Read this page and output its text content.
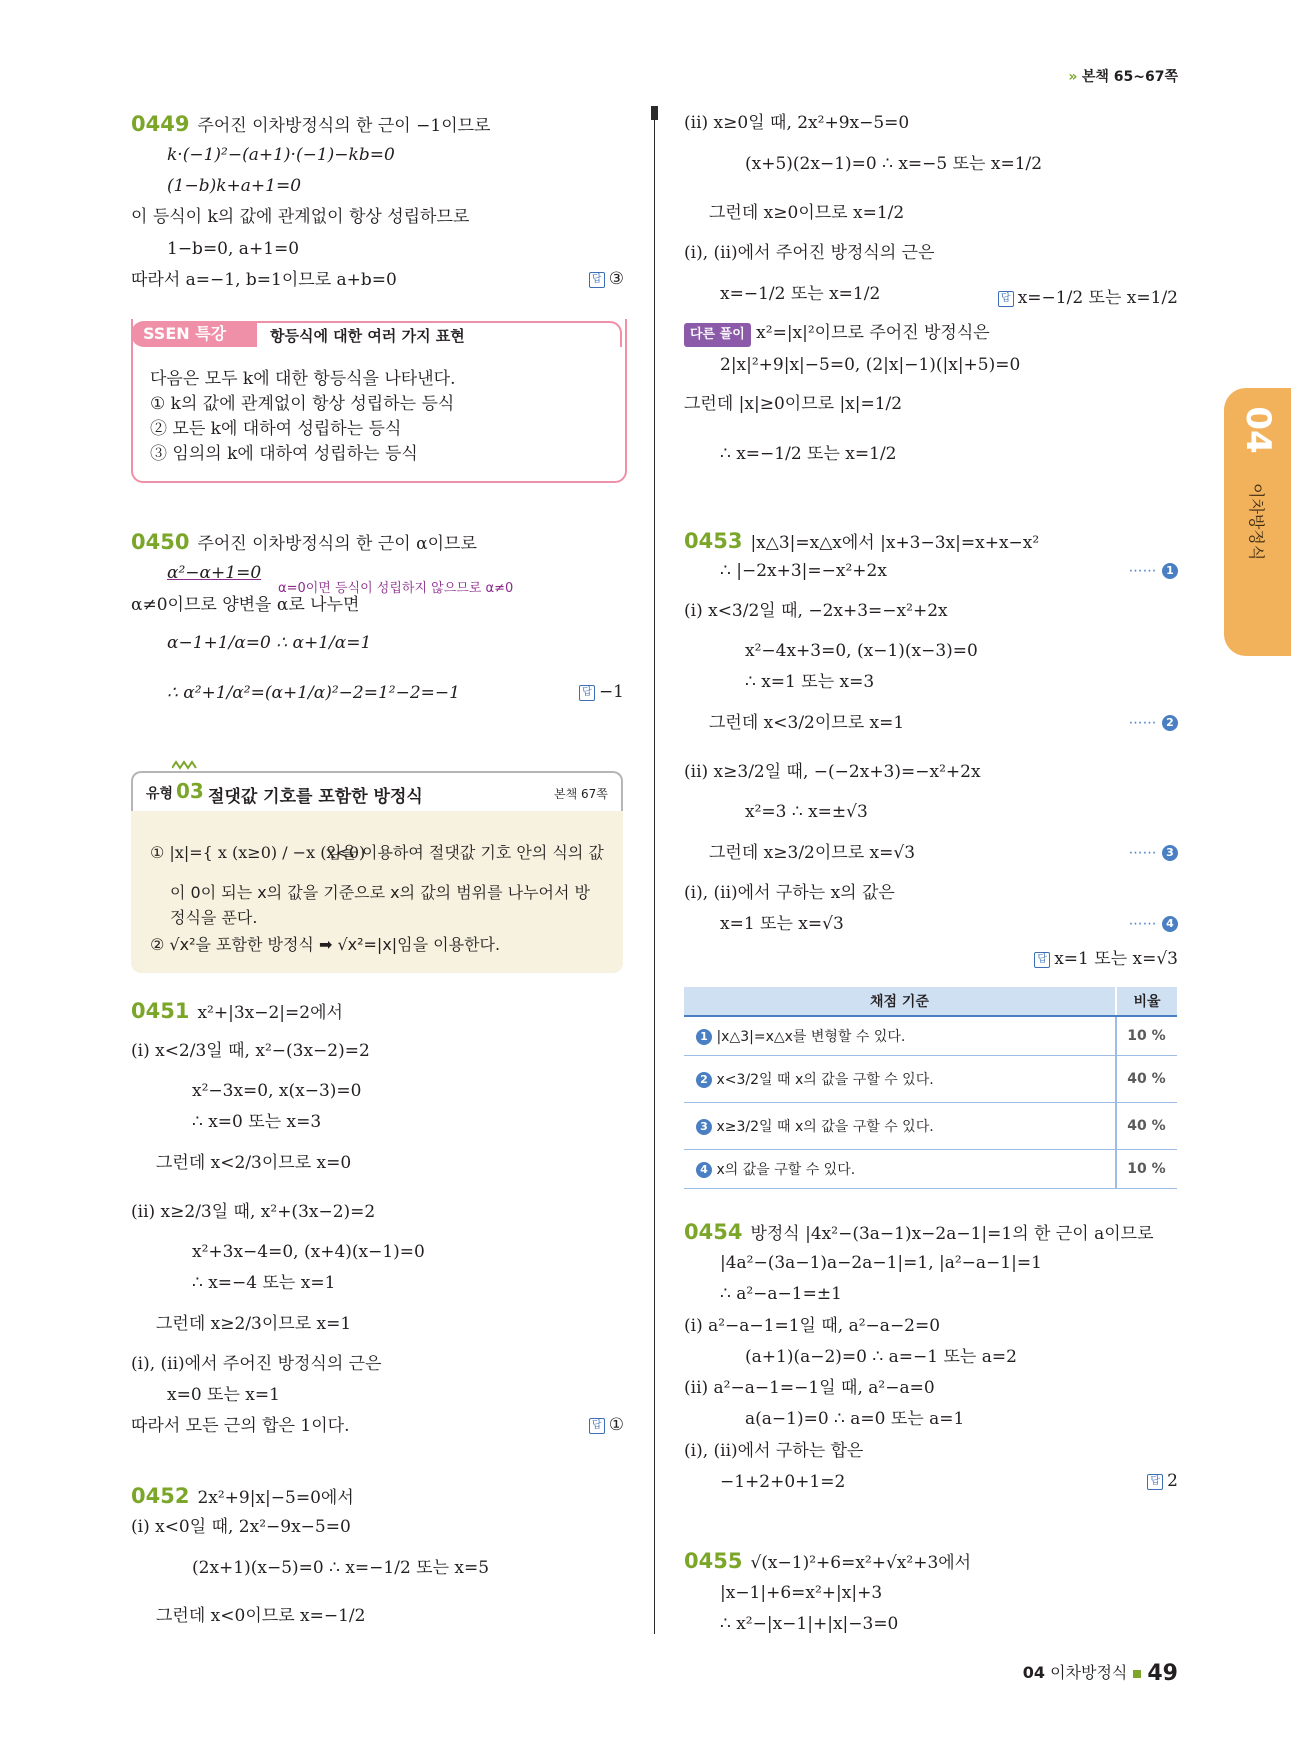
» 본책 65~67쪽
04
이차방정식
0449 주어진 이차방정식의 한 근이 −1이므로
k·(−1)²−(a+1)·(−1)−kb=0
(1−b)k+a+1=0
이 등식이 k의 값에 관계없이 항상 성립하므로
1−b=0, a+1=0
따라서 a=−1, b=1이므로 a+b=0	답 ③
SSEN 특강	항등식에 대한 여러 가지 표현
다음은 모두 k에 대한 항등식을 나타낸다.
① k의 값에 관계없이 항상 성립하는 등식
② 모든 k에 대하여 성립하는 등식
③ 임의의 k에 대하여 성립하는 등식
0450 주어진 이차방정식의 한 근이 α이므로
α²−α+1=0
α=0이면 등식이 성립하지 않으므로 α≠0
α≠0이므로 양변을 α로 나누면
α−1+1/α=0 ∴ α+1/α=1
∴ α²+1/α²=(α+1/α)²−2=1²−2=−1	답 −1
유형 03 절댓값 기호를 포함한 방정식	본책 67쪽
① |x|={ x (x≥0) / −x (x<0)
임을 이용하여 절댓값 기호 안의 식의 값
이 0이 되는 x의 값을 기준으로 x의 값의 범위를 나누어서 방
정식을 푼다.
② √x²을 포함한 방정식 ➡ √x²=|x|임을 이용한다.
0451 x²+|3x−2|=2에서
(i) x<2/3일 때, x²−(3x−2)=2
x²−3x=0, x(x−3)=0
∴ x=0 또는 x=3
그런데 x<2/3이므로 x=0
(ii) x≥2/3일 때, x²+(3x−2)=2
x²+3x−4=0, (x+4)(x−1)=0
∴ x=−4 또는 x=1
그런데 x≥2/3이므로 x=1
(i), (ii)에서 주어진 방정식의 근은
x=0 또는 x=1
따라서 모든 근의 합은 1이다.	답 ①
0452 2x²+9|x|−5=0에서
(i) x<0일 때, 2x²−9x−5=0
(2x+1)(x−5)=0 ∴ x=−1/2 또는 x=5
그런데 x<0이므로 x=−1/2
(ii) x≥0일 때, 2x²+9x−5=0
(x+5)(2x−1)=0 ∴ x=−5 또는 x=1/2
그런데 x≥0이므로 x=1/2
(i), (ii)에서 주어진 방정식의 근은
x=−1/2 또는 x=1/2	답 x=−1/2 또는 x=1/2
다른 풀이 x²=|x|²이므로 주어진 방정식은
2|x|²+9|x|−5=0, (2|x|−1)(|x|+5)=0
그런데 |x|≥0이므로 |x|=1/2
∴ x=−1/2 또는 x=1/2
0453 |x△3|=x△x에서 |x+3−3x|=x+x−x²
∴ |−2x+3|=−x²+2x	⋯⋯ 1
(i) x<3/2일 때, −2x+3=−x²+2x
x²−4x+3=0, (x−1)(x−3)=0
∴ x=1 또는 x=3
그런데 x<3/2이므로 x=1	⋯⋯ 2
(ii) x≥3/2일 때, −(−2x+3)=−x²+2x
x²=3 ∴ x=±√3
그런데 x≥3/2이므로 x=√3	⋯⋯ 3
(i), (ii)에서 구하는 x의 값은
x=1 또는 x=√3	⋯⋯ 4
답 x=1 또는 x=√3
채점 기준	비율
1 |x△3|=x△x를 변형할 수 있다.	10 %
2 x<3/2일 때 x의 값을 구할 수 있다.	40 %
3 x≥3/2일 때 x의 값을 구할 수 있다.	40 %
4 x의 값을 구할 수 있다.	10 %
0454 방정식 |4x²−(3a−1)x−2a−1|=1의 한 근이 a이므로
|4a²−(3a−1)a−2a−1|=1, |a²−a−1|=1
∴ a²−a−1=±1
(i) a²−a−1=1일 때, a²−a−2=0
(a+1)(a−2)=0 ∴ a=−1 또는 a=2
(ii) a²−a−1=−1일 때, a²−a=0
a(a−1)=0 ∴ a=0 또는 a=1
(i), (ii)에서 구하는 합은
−1+2+0+1=2	답 2
0455 √(x−1)²+6=x²+√x²+3에서
|x−1|+6=x²+|x|+3
∴ x²−|x−1|+|x|−3=0
04 이차방정식 49
